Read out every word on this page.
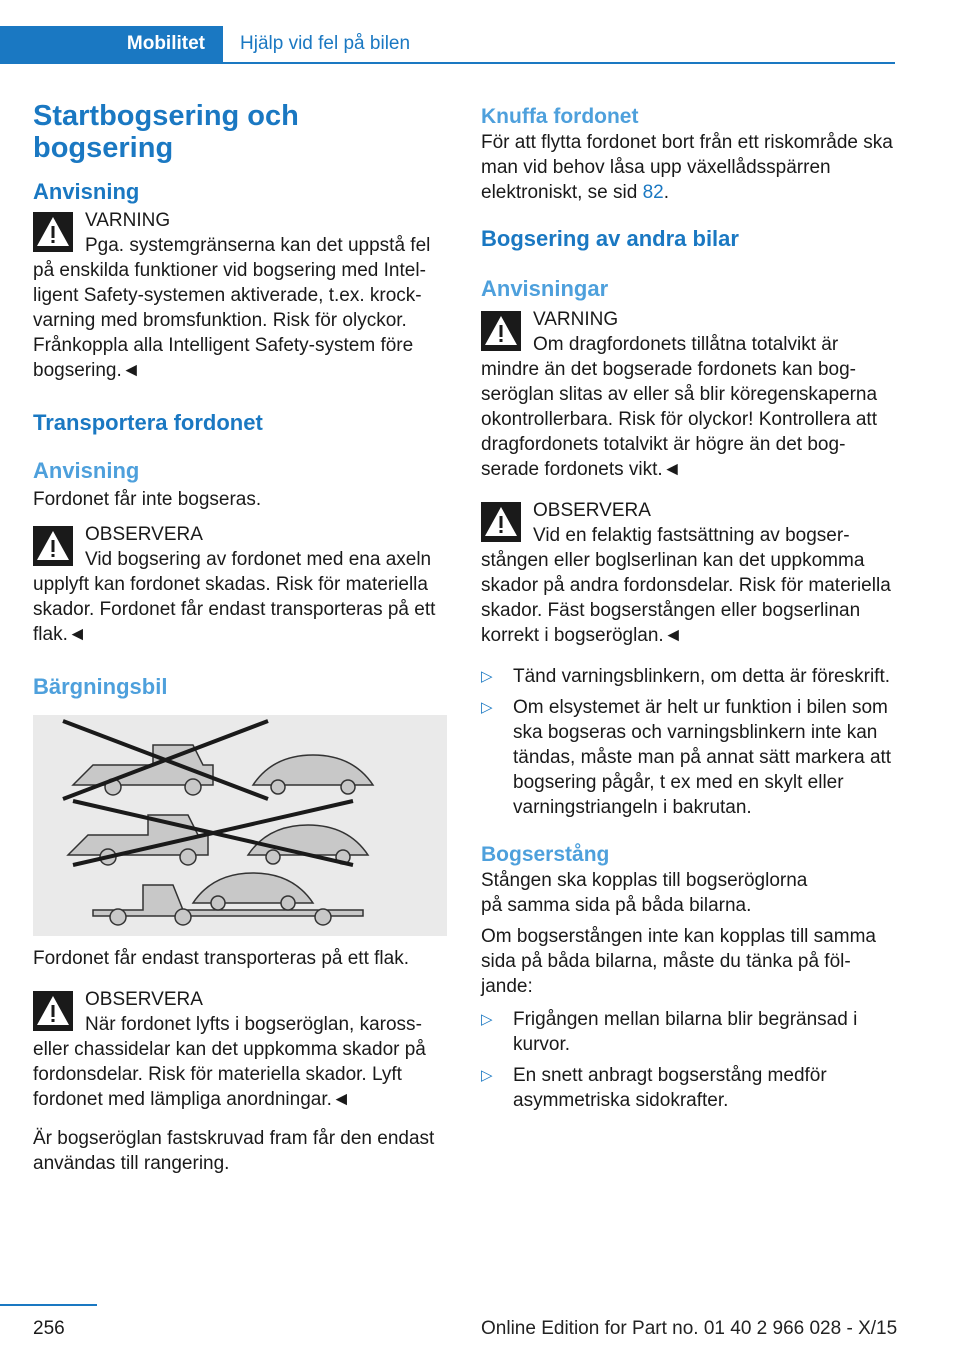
Mobilitet	Hjälp vid fel på bilen
Startbogsering och bogsering
Anvisning
VARNING
Pga. systemgränserna kan det uppstå fel på enskilda funktioner vid bogsering med Intelligent Safety-systemen aktiverade, t.ex. krockvarning med bromsfunktion. Risk för olyckor. Frånkoppla alla Intelligent Safety-system före bogsering.◄
Transportera fordonet
Anvisning

Fordonet får inte bogseras.

OBSERVERA
Vid bogsering av fordonet med ena axeln upplyft kan fordonet skadas. Risk för materiella skador. Fordonet får endast transporteras på ett flak.◄
Bärgningsbil

Fordonet får endast transporteras på ett flak.

OBSERVERA
När fordonet lyfts i bogseröglan, karosseller chassidelar kan det uppkomma skador på fordonsdelar. Risk för materiella skador. Lyft fordonet med lämpliga anordningar.◄

Är bogseröglan fastskruvad fram får den endast användas till rangering.

Knuffa fordonet

För att flytta fordonet bort från ett riskområde ska man vid behov låsa upp växellådsspärren elektroniskt, se sid 82.

Bogsering av andra bilar
Anvisningar
VARNING
Om dragfordonets tillåtna totalvikt är mindre än det bogserade fordonets kan bogseröglan slitas av eller så blir köregenskaperna okontrollerbara. Risk för olyckor! Kontrollera att dragfordonets totalvikt är högre än det bogserade fordonets vikt.◄
OBSERVERA
Vid en felaktig fastsättning av bogserstången eller boglserlinan kan det uppkomma skador på andra fordonsdelar. Risk för materiella skador. Fäst bogserstången eller bogserlinan korrekt i bogseröglan.◄
▷ Tänd varningsblinkern, om detta är föreskrift.
▷ Om elsystemet är helt ur funktion i bilen som ska bogseras och varningsblinkern inte kan tändas, måste man på annat sätt markera att bogsering pågår, t ex med en skylt eller varningstriangeln i bakrutan.
Bogserstång

Stången ska kopplas till bogseröglorna på samma sida på båda bilarna.

Om bogserstången inte kan kopplas till samma sida på båda bilarna, måste du tänka på följande:

▷ Frigången mellan bilarna blir begränsad i kurvor.
▷ En snett anbragt bogserstång medför asymmetriska sidokrafter.
256	Online Edition for Part no. 01 40 2 966 028 - X/15
